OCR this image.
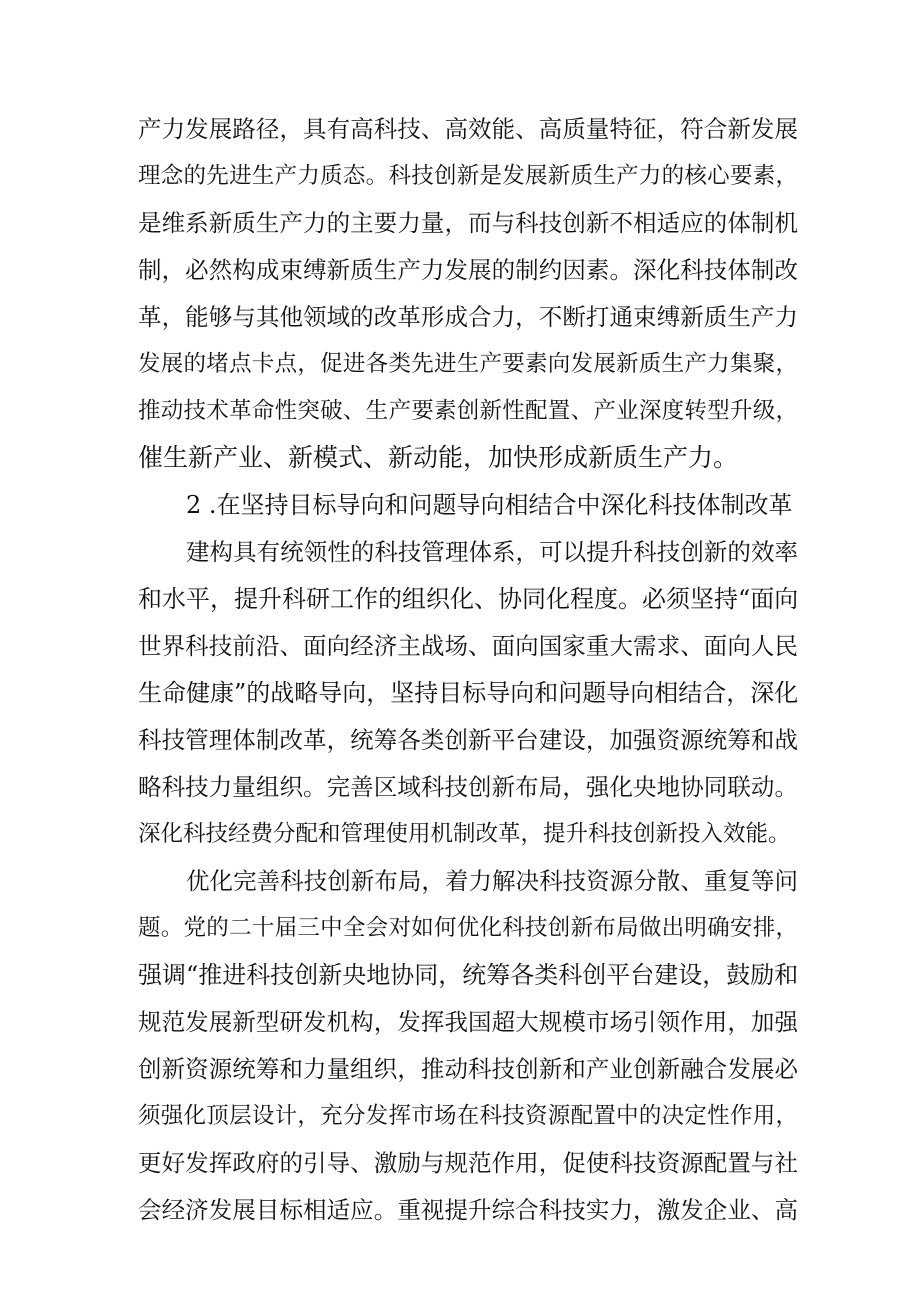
产力发展路径，具有高科技、高效能、高质量特征，符合新发展
理念的先进生产力质态。科技创新是发展新质生产力的核心要素，
是维系新质生产力的主要力量，而与科技创新不相适应的体制机
制，必然构成束缚新质生产力发展的制约因素。深化科技体制改
革，能够与其他领域的改革形成合力，不断打通束缚新质生产力
发展的堵点卡点，促进各类先进生产要素向发展新质生产力集聚，
推动技术革命性突破、生产要素创新性配置、产业深度转型升级，
催生新产业、新模式、新动能，加快形成新质生产力。
2 .在坚持目标导向和问题导向相结合中深化科技体制改革
建构具有统领性的科技管理体系，可以提升科技创新的效率
和水平，提升科研工作的组织化、协同化程度。必须坚持“面向
世界科技前沿、面向经济主战场、面向国家重大需求、面向人民
生命健康”的战略导向，坚持目标导向和问题导向相结合，深化
科技管理体制改革，统筹各类创新平台建设，加强资源统筹和战
略科技力量组织。完善区域科技创新布局，强化央地协同联动。
深化科技经费分配和管理使用机制改革，提升科技创新投入效能。
优化完善科技创新布局，着力解决科技资源分散、重复等问
题。党的二十届三中全会对如何优化科技创新布局做出明确安排，
强调“推进科技创新央地协同，统筹各类科创平台建设，鼓励和
规范发展新型研发机构，发挥我国超大规模市场引领作用，加强
创新资源统筹和力量组织，推动科技创新和产业创新融合发展必
须强化顶层设计，充分发挥市场在科技资源配置中的决定性作用，
更好发挥政府的引导、激励与规范作用，促使科技资源配置与社
会经济发展目标相适应。重视提升综合科技实力，激发企业、高
